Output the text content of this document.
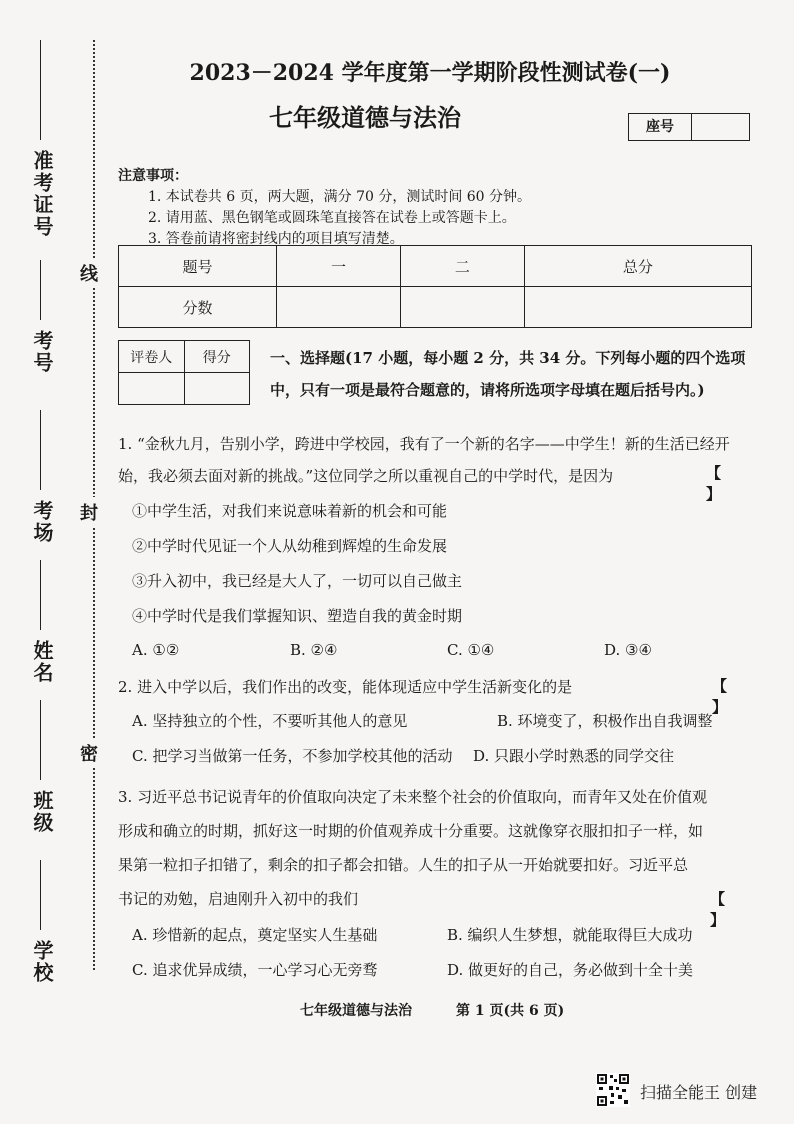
准考证号
考号
考场
姓名
班级
学校
线
封
密
2023－2024 学年度第一学期阶段性测试卷(一)
七年级道德与法治	座号
注意事项：
1. 本试卷共 6 页，两大题，满分 70 分，测试时间 60 分钟。
2. 请用蓝、黑色钢笔或圆珠笔直接答在试卷上或答题卡上。
3. 答卷前请将密封线内的项目填写清楚。
题号	一	二	总分
分数			
评卷人	得分
		一、选择题(17 小题，每小题 2 分，共 34 分。下列每小题的四个选项
中，只有一项是最符合题意的，请将所选项字母填在题后括号内。)
1. “金秋九月，告别小学，跨进中学校园，我有了一个新的名字——中学生！新的生活已经开
始，我必须去面对新的挑战。”这位同学之所以重视自己的中学时代，是因为	【 】
①中学生活，对我们来说意味着新的机会和可能
②中学时代见证一个人从幼稚到辉煌的生命发展
③升入初中，我已经是大人了，一切可以自己做主
④中学时代是我们掌握知识、塑造自我的黄金时期
A. ①②	B. ②④	C. ①④	D. ③④
2. 进入中学以后，我们作出的改变，能体现适应中学生活新变化的是	【 】
A. 坚持独立的个性，不要听其他人的意见	B. 环境变了，积极作出自我调整
C. 把学习当做第一任务，不参加学校其他的活动 D. 只跟小学时熟悉的同学交往
3. 习近平总书记说青年的价值取向决定了未来整个社会的价值取向，而青年又处在价值观
形成和确立的时期，抓好这一时期的价值观养成十分重要。这就像穿衣服扣扣子一样，如
果第一粒扣子扣错了，剩余的扣子都会扣错。人生的扣子从一开始就要扣好。习近平总
书记的劝勉，启迪刚升入初中的我们	【 】
A. 珍惜新的起点，奠定坚实人生基础	B. 编织人生梦想，就能取得巨大成功
C. 追求优异成绩，一心学习心无旁骛	D. 做更好的自己，务必做到十全十美
七年级道德与法治	第 1 页(共 6 页)
扫描全能王 创建
